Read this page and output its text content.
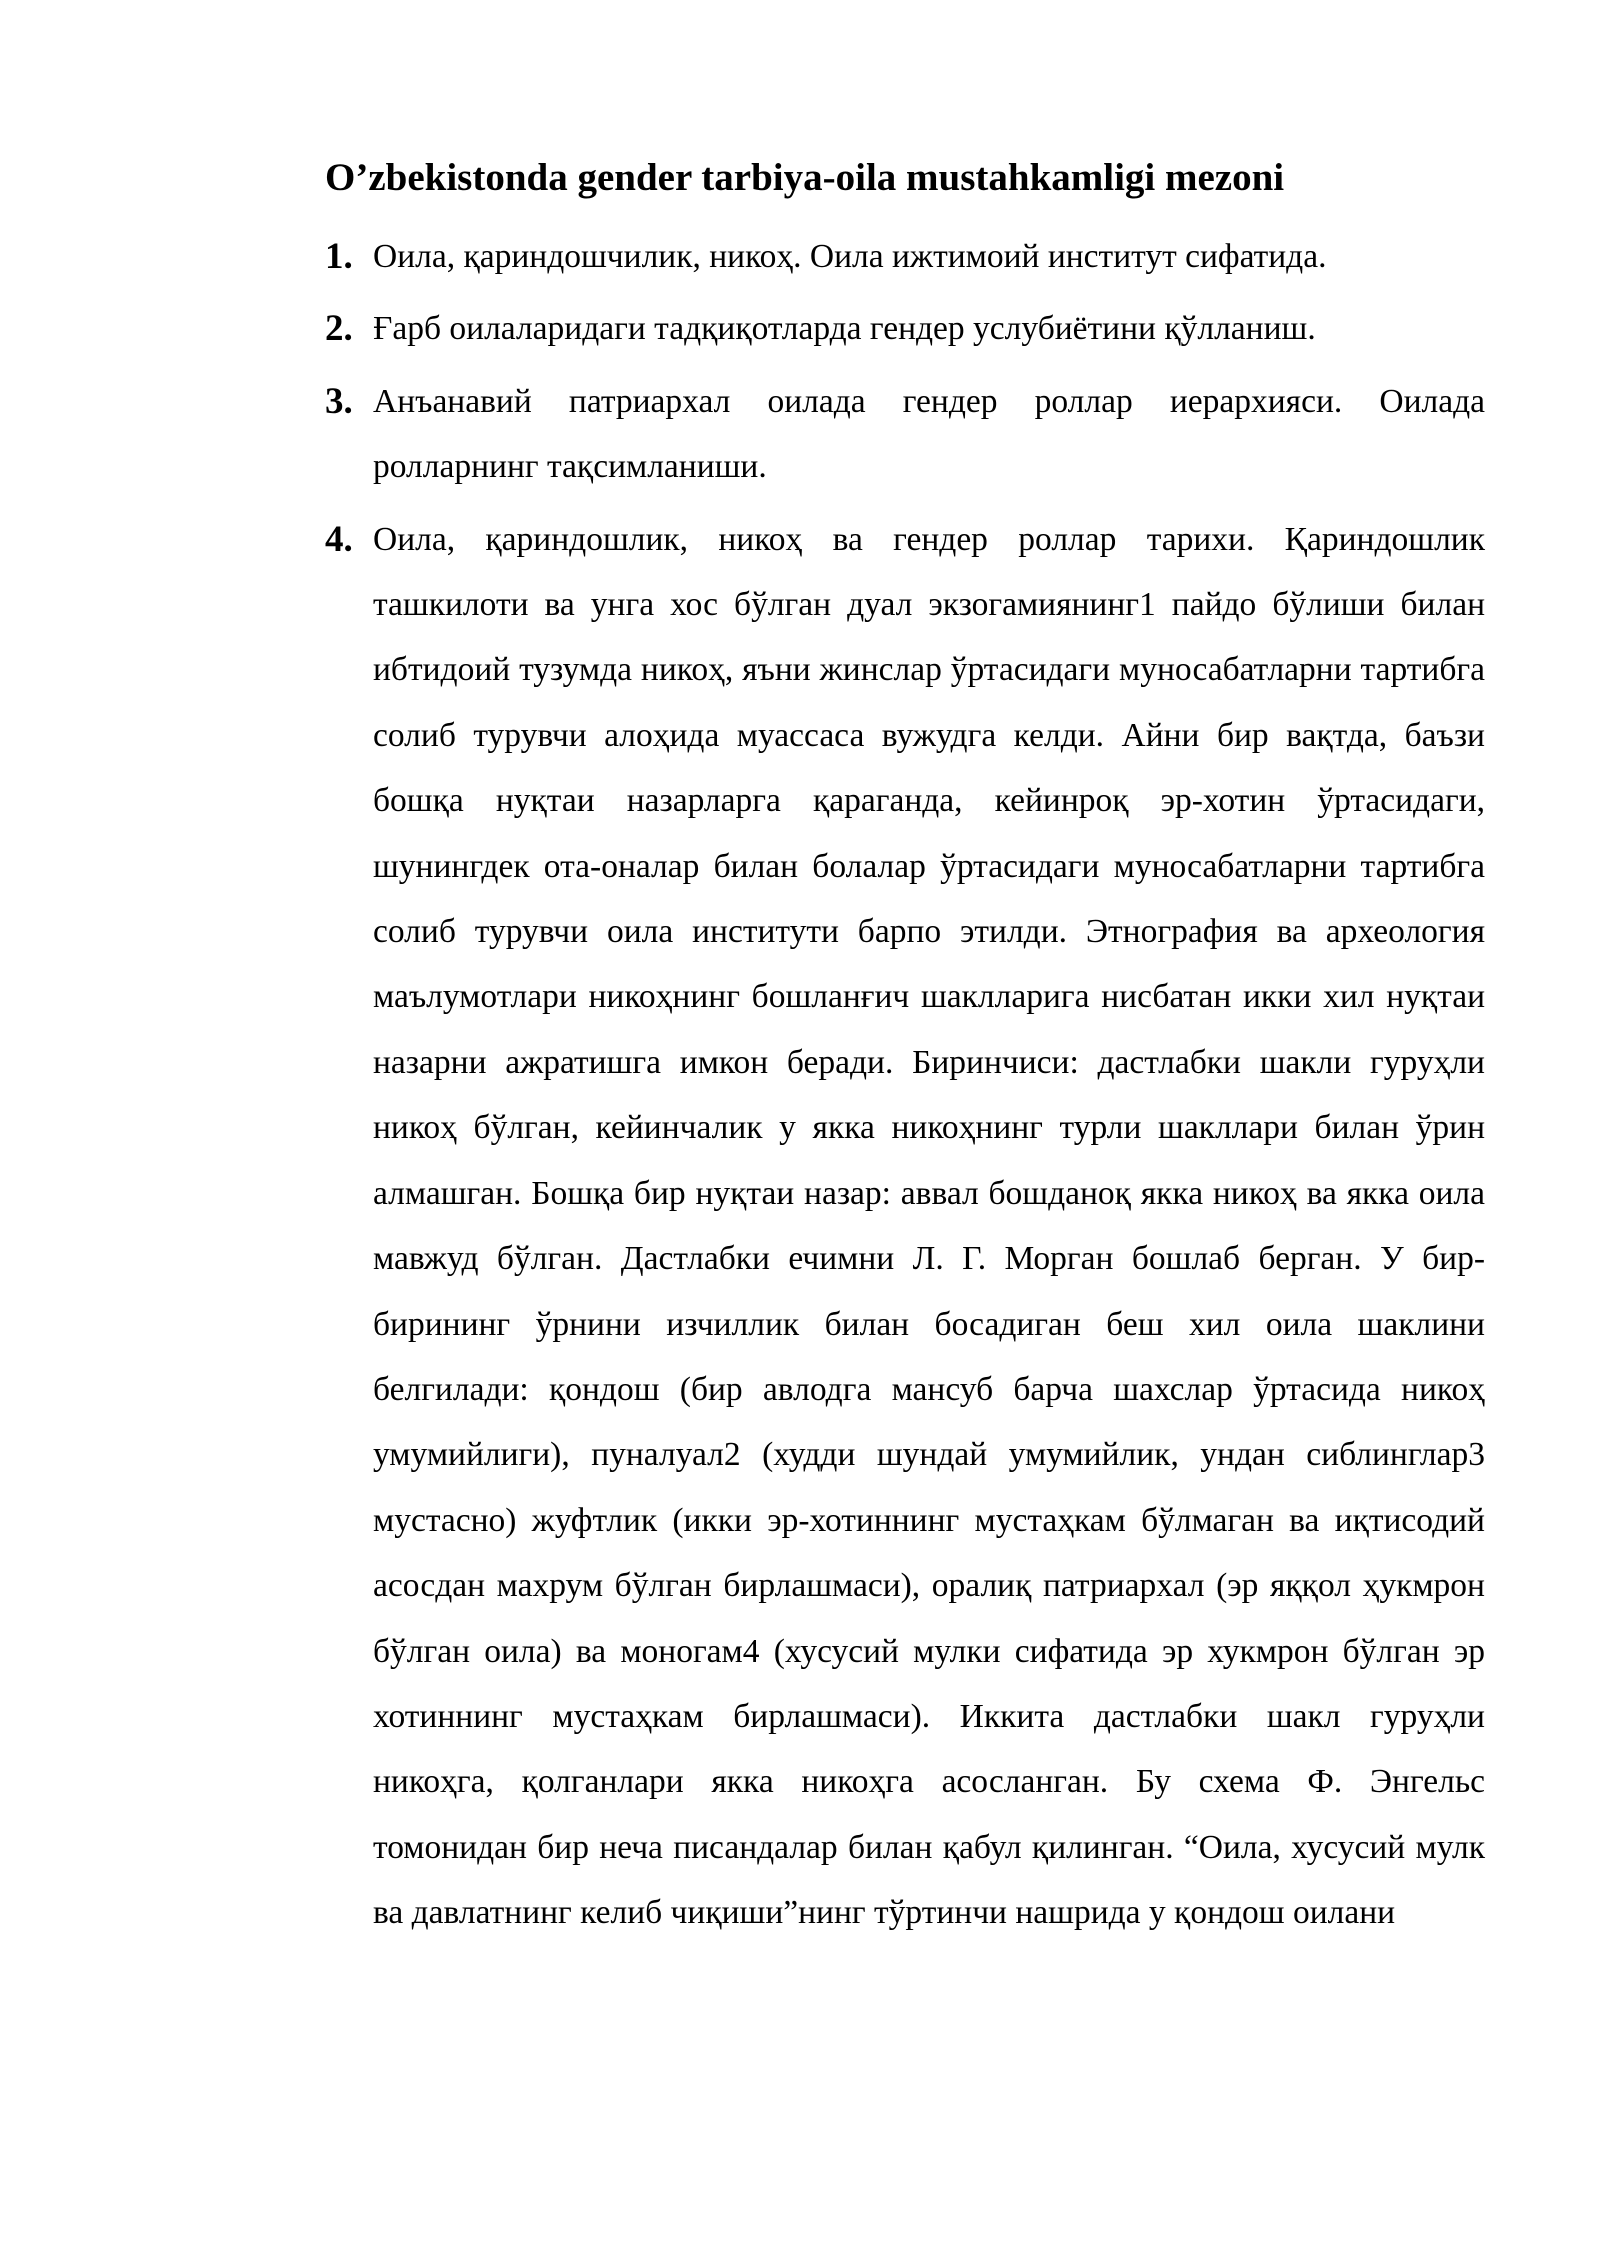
O’zbekistonda gender tarbiya-oila mustahkamligi mezoni
1. Оила, қариндошчилик, никоҳ. Оила ижтимоий институт сифатида.

2. Ғарб оилаларидаги тадқиқотларда гендер услубиётини қўлланиш.

3. Анъанавий патриархал оилада гендер роллар иерархияси. Оилада ролларнинг тақсимланиши.

4. Оила, қариндошлик, никоҳ ва гендер роллар тарихи. Қариндошлик ташкилоти ва унга хос бўлган дуал экзогамиянинг1 пайдо бўлиши билан ибтидоий тузумда никоҳ, яъни жинслар ўртасидаги муносабатларни тартибга солиб турувчи алоҳида муассаса вужудга келди. Айни бир вақтда, баъзи бошқа нуқтаи назарларга қараганда, кейинроқ эр-хотин ўртасидаги, шунингдек ота-оналар билан болалар ўртасидаги муносабатларни тартибга солиб турувчи оила институти барпо этилди. Этнография ва археология маълумотлари никоҳнинг бошланғич шаклларига нисбатан икки хил нуқтаи назарни ажратишга имкон беради. Биринчиси: дастлабки шакли гуруҳли никоҳ бўлган, кейинчалик у якка никоҳнинг турли шакллари билан ўрин алмашган. Бошқа бир нуқтаи назар: аввал бошданоқ якка никоҳ ва якка оила мавжуд бўлган. Дастлабки ечимни Л. Г. Морган бошлаб берган. У бир-бирининг ўрнини изчиллик билан босадиган беш хил оила шаклини белгилади: қондош (бир авлодга мансуб барча шахслар ўртасида никоҳ умумийлиги), пуналуал2 (худди шундай умумийлик, ундан сиблинглар3 мустасно) жуфтлик (икки эр-хотиннинг мустаҳкам бўлмаган ва иқтисодий асосдан махрум бўлган бирлашмаси), оралиқ патриархал (эр яққол ҳукмрон бўлган оила) ва моногам4 (хусусий мулки сифатида эр хукмрон бўлган эр хотиннинг мустаҳкам бирлашмаси). Иккита дастлабки шакл гуруҳли никоҳга, қолганлари якка никоҳга асосланган. Бу схема Ф. Энгельс томонидан бир неча писандалар билан қабул қилинган. “Оила, хусусий мулк ва давлатнинг келиб чиқиши”нинг тўртинчи нашрида у қондош оилани
